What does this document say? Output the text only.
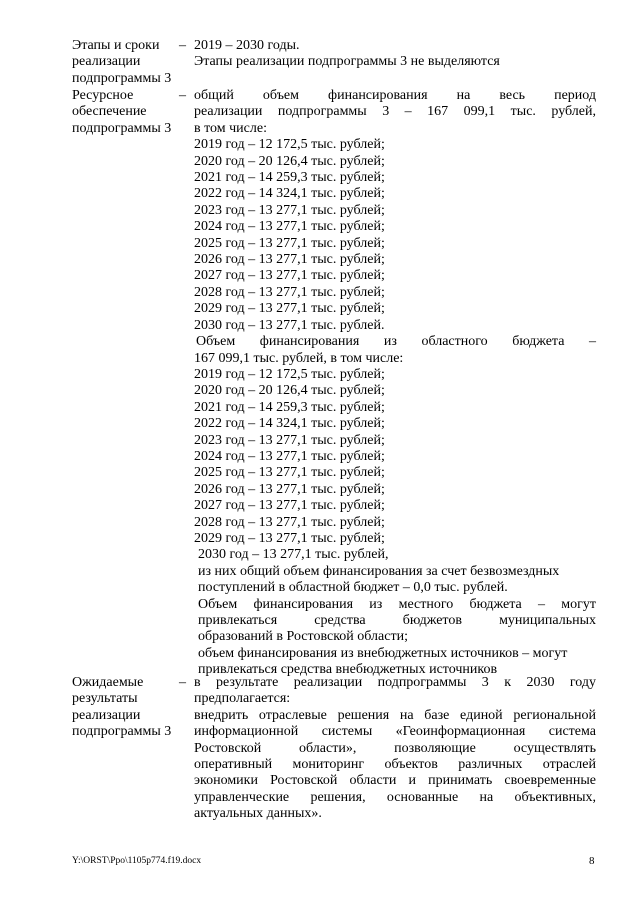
Этапы и сроки
реализации
подпрограммы 3
– 2019 – 2030 годы.

Этапы реализации подпрограммы 3 не выделяются

Ресурсное
обеспечение
подпрограммы 3
– общий объем финансирования на весь период

реализации подпрограммы 3 – 167 099,1 тыс. рублей,

в том числе:

2019 год – 12 172,5 тыс. рублей;

2020 год – 20 126,4 тыс. рублей;

2021 год – 14 259,3 тыс. рублей;

2022 год – 14 324,1 тыс. рублей;

2023 год – 13 277,1 тыс. рублей;

2024 год – 13 277,1 тыс. рублей;

2025 год – 13 277,1 тыс. рублей;

2026 год – 13 277,1 тыс. рублей;

2027 год – 13 277,1 тыс. рублей;

2028 год – 13 277,1 тыс. рублей;

2029 год – 13 277,1 тыс. рублей;

2030 год – 13 277,1 тыс. рублей.

Объем финансирования из областного бюджета –

167 099,1 тыс. рублей, в том числе:

2019 год – 12 172,5 тыс. рублей;

2020 год – 20 126,4 тыс. рублей;

2021 год – 14 259,3 тыс. рублей;

2022 год – 14 324,1 тыс. рублей;

2023 год – 13 277,1 тыс. рублей;

2024 год – 13 277,1 тыс. рублей;

2025 год – 13 277,1 тыс. рублей;

2026 год – 13 277,1 тыс. рублей;

2027 год – 13 277,1 тыс. рублей;

2028 год – 13 277,1 тыс. рублей;

2029 год – 13 277,1 тыс. рублей;

2030 год – 13 277,1 тыс. рублей,

из них общий объем финансирования за счет безвозмездных

поступлений в областной бюджет – 0,0 тыс. рублей.

Объем финансирования из местного бюджета – могут

привлекаться средства бюджетов муниципальных

образований в Ростовской области;

объем финансирования из внебюджетных источников – могут

привлекаться средства внебюджетных источников

Ожидаемые
результаты
реализации
подпрограммы 3
– в результате реализации подпрограммы 3 к 2030 году

предполагается:

внедрить отраслевые решения на базе единой региональной

информационной системы «Геоинформационная система

Ростовской области», позволяющие осуществлять

оперативный мониторинг объектов различных отраслей

экономики Ростовской области и принимать своевременные

управленческие решения, основанные на объективных,

актуальных данных».

Y:\ORST\Ppo\1105p774.f19.docx	8
